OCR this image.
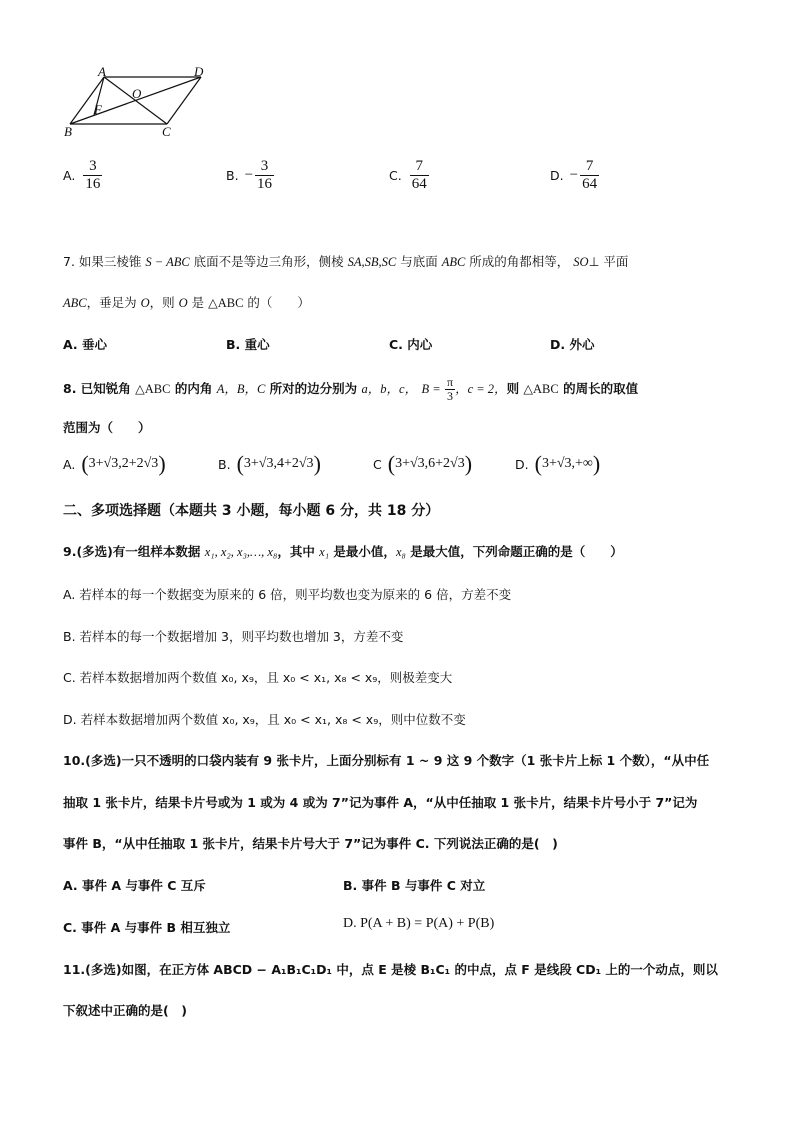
A	D
O
F
B	C
A. $\frac{3}{16}$	B. − $\frac{3}{16}$	C. $\frac{7}{64}$	D. − $\frac{7}{64}$
7. 如果三棱锥 S − ABC 底面不是等边三角形，侧棱 SA,SB,SC 与底面 ABC 所成的角都相等， SO⊥ 平面
ABC，垂足为 O，则 O 是 △ABC 的（　　）
A. 垂心	B. 重心	C. 内心	D. 外心
8. 已知锐角 △ABC 的内角 A，B，C 所对的边分别为 a，b，c， $B = \frac{\pi}{3}$ ，c = 2，则 △ABC 的周长的取值
范围为（　　）
A. (3+√3,2+2√3)	B. (3+√3,4+2√3)	C (3+√3,6+2√3)	D. (3+√3,+∞)
二、多项选择题（本题共 3 小题，每小题 6 分，共 18 分）
9.(多选)有一组样本数据 x₁, x₂, x₃,…, x₈，其中 x₁ 是最小值，x₈ 是最大值，下列命题正确的是（　　）
A. 若样本的每一个数据变为原来的 6 倍，则平均数也变为原来的 6 倍，方差不变
B. 若样本的每一个数据增加 3，则平均数也增加 3，方差不变
C. 若样本数据增加两个数值 x₀, x₉，且 x₀ < x₁, x₈ < x₉，则极差变大
D. 若样本数据增加两个数值 x₀, x₉，且 x₀ < x₁, x₈ < x₉，则中位数不变
10.(多选)一只不透明的口袋内装有 9 张卡片，上面分别标有 1 ~ 9 这 9 个数字（1 张卡片上标 1 个数），“从中任
抽取 1 张卡片，结果卡片号或为 1 或为 4 或为 7”记为事件 A，“从中任抽取 1 张卡片，结果卡片号小于 7”记为
事件 B，“从中任抽取 1 张卡片，结果卡片号大于 7”记为事件 C. 下列说法正确的是(　)
A. 事件 A 与事件 C 互斥	B. 事件 B 与事件 C 对立
C. 事件 A 与事件 B 相互独立	D. P(A + B) = P(A) + P(B)
11.(多选)如图，在正方体 ABCD − A₁B₁C₁D₁ 中，点 E 是棱 B₁C₁ 的中点，点 F 是线段 CD₁ 上的一个动点，则以
下叙述中正确的是(　)
